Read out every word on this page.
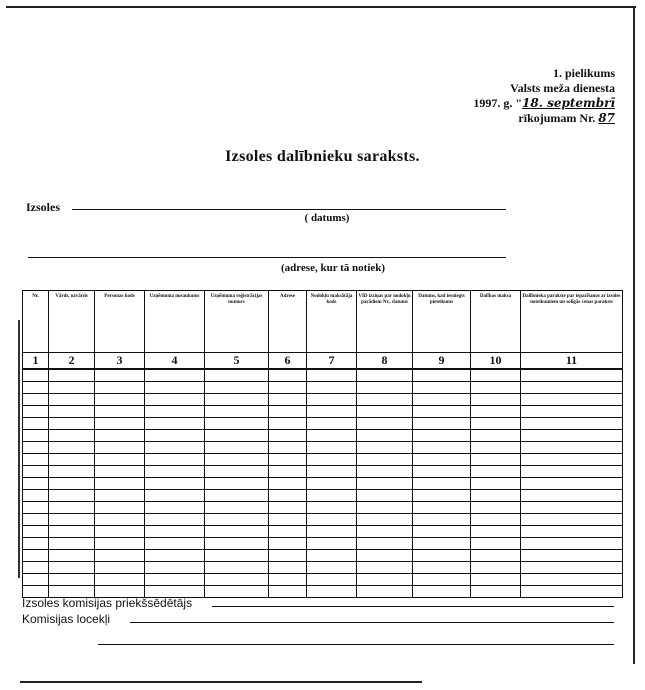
1. pielikums
Valsts meža dienesta
1997. g. "18. septembrī
rīkojumam Nr. 87
Izsoles dalībnieku saraksts.
Izsoles
( datums)
(adrese, kur tā notiek)
Nr.	Vārds, uzvārds	Personas kods	Uzņēmuma nosaukums	Uzņēmuma reģistrācijas numurs	Adrese	Nodokļu maksātāja kods	VID izziņas par nodokļu parādiem Nr., datums	Datums, kad iesniegts pieteikums	Dalības maksa	Dalībnieka parakste par iepazīšanos ar izsoles noteikumiem un solīgās cenas paraksts
1	2	3	4	5	6	7	8	9	10	11

Izsoles komisijas priekšsēdētājs
Komisijas locekļi
